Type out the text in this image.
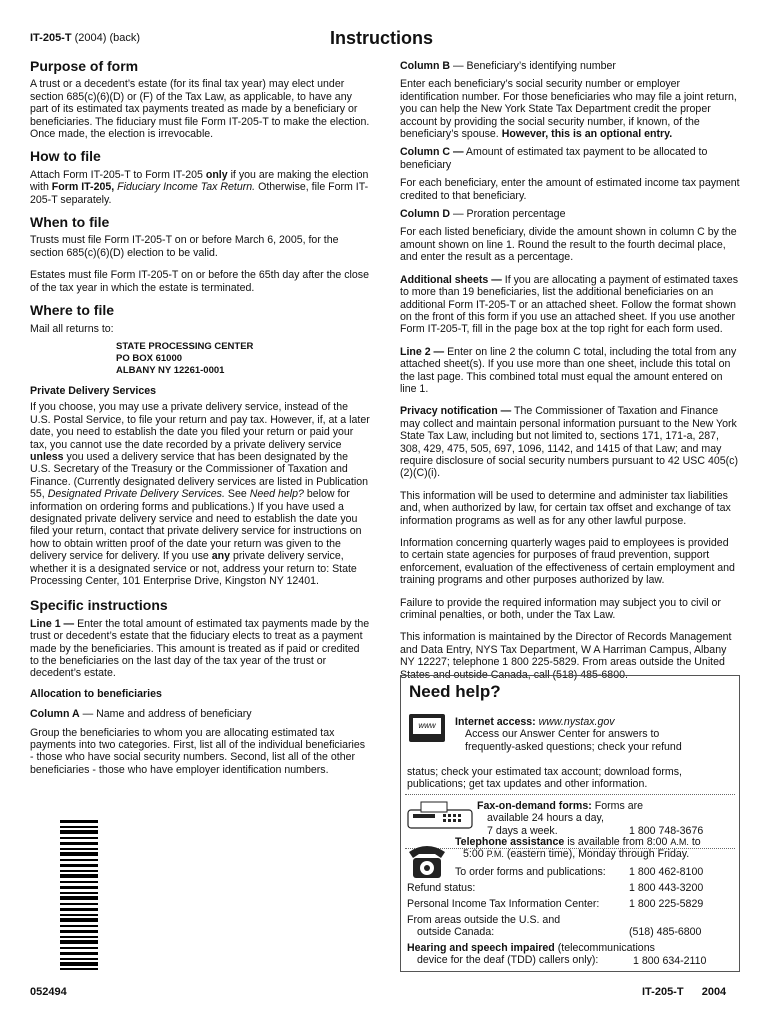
IT-205-T (2004) (back)	Instructions
Purpose of form

A trust or a decedent’s estate (for its final tax year) may elect under section 685(c)(6)(D) or (F) of the Tax Law, as applicable, to have any part of its estimated tax payments treated as made by a beneficiary or beneficiaries. The fiduciary must file Form IT-205-T to make the election. Once made, the election is irrevocable.

How to file

Attach Form IT-205-T to Form IT-205 only if you are making the election with Form IT-205, Fiduciary Income Tax Return. Otherwise, file Form IT-205-T separately.

When to file

Trusts must file Form IT-205-T on or before March 6, 2005, for the section 685(c)(6)(D) election to be valid.

Estates must file Form IT-205-T on or before the 65th day after the close of the tax year in which the estate is terminated.

Where to file

Mail all returns to:

STATE PROCESSING CENTER
PO BOX 61000
ALBANY NY 12261-0001
Private Delivery Services

If you choose, you may use a private delivery service, instead of the U.S. Postal Service, to file your return and pay tax. However, if, at a later date, you need to establish the date you filed your return or paid your tax, you cannot use the date recorded by a private delivery service unless you used a delivery service that has been designated by the U.S. Secretary of the Treasury or the Commissioner of Taxation and Finance. (Currently designated delivery services are listed in Publication 55, Designated Private Delivery Services. See Need help? below for information on ordering forms and publications.) If you have used a designated private delivery service and need to establish the date you filed your return, contact that private delivery service for instructions on how to obtain written proof of the date your return was given to the delivery service for delivery. If you use any private delivery service, whether it is a designated service or not, address your return to: State Processing Center, 101 Enterprise Drive, Kingston NY 12401.

Specific instructions

Line 1 — Enter the total amount of estimated tax payments made by the trust or decedent’s estate that the fiduciary elects to treat as a payment made by the beneficiaries. This amount is treated as if paid or credited to the beneficiaries on the last day of the tax year of the trust or decedent’s estate.

Allocation to beneficiaries

Column A — Name and address of beneficiary

Group the beneficiaries to whom you are allocating estimated tax payments into two categories. First, list all of the individual beneficiaries - those who have social security numbers. Second, list all of the other beneficiaries - those who have employer identification numbers.

Column B — Beneficiary’s identifying number

Enter each beneficiary’s social security number or employer identification number. For those beneficiaries who may file a joint return, you can help the New York State Tax Department credit the proper account by providing the social security number, if known, of the beneficiary’s spouse. However, this is an optional entry.

Column C — Amount of estimated tax payment to be allocated to beneficiary

For each beneficiary, enter the amount of estimated income tax payment credited to that beneficiary.

Column D — Proration percentage

For each listed beneficiary, divide the amount shown in column C by the amount shown on line 1. Round the result to the fourth decimal place, and enter the result as a percentage.

Additional sheets — If you are allocating a payment of estimated taxes to more than 19 beneficiaries, list the additional beneficiaries on an additional Form IT-205-T or an attached sheet. Follow the format shown on the front of this form if you use an attached sheet. If you use another Form IT-205-T, fill in the page box at the top right for each form used.

Line 2 — Enter on line 2 the column C total, including the total from any attached sheet(s). If you use more than one sheet, include this total on the last page. This combined total must equal the amount entered on line 1.

Privacy notification — The Commissioner of Taxation and Finance may collect and maintain personal information pursuant to the New York State Tax Law, including but not limited to, sections 171, 171-a, 287, 308, 429, 475, 505, 697, 1096, 1142, and 1415 of that Law; and may require disclosure of social security numbers pursuant to 42 USC 405(c)(2)(C)(i).

This information will be used to determine and administer tax liabilities and, when authorized by law, for certain tax offset and exchange of tax information programs as well as for any other lawful purpose.

Information concerning quarterly wages paid to employees is provided to certain state agencies for purposes of fraud prevention, support enforcement, evaluation of the effectiveness of certain employment and training programs and other purposes authorized by law.

Failure to provide the required information may subject you to civil or criminal penalties, or both, under the Tax Law.

This information is maintained by the Director of Records Management and Data Entry, NYS Tax Department, W A Harriman Campus, Albany NY 12227; telephone 1 800 225-5829. From areas outside the United States and outside Canada, call (518) 485-6800.

Need help?
www	Internet access: www.nystax.gov
Access our Answer Center for answers to
frequently-asked questions; check your refund
status; check your estimated tax account; download forms,
publications; get tax updates and other information.
Fax-on-demand forms: Forms are
available 24 hours a day,
7 days a week.	1 800 748-3676
Telephone assistance is available from 8:00 A.M. to
5:00 P.M. (eastern time), Monday through Friday.
To order forms and publications: 1 800 462-8100
Refund status:	1 800 443-3200
Personal Income Tax Information Center:	1 800 225-5829
From areas outside the U.S. and
outside Canada:	(518) 485-6800
Hearing and speech impaired (telecommunications
device for the deaf (TDD) callers only):	1 800 634-2110
052494	IT-205-T 2004
